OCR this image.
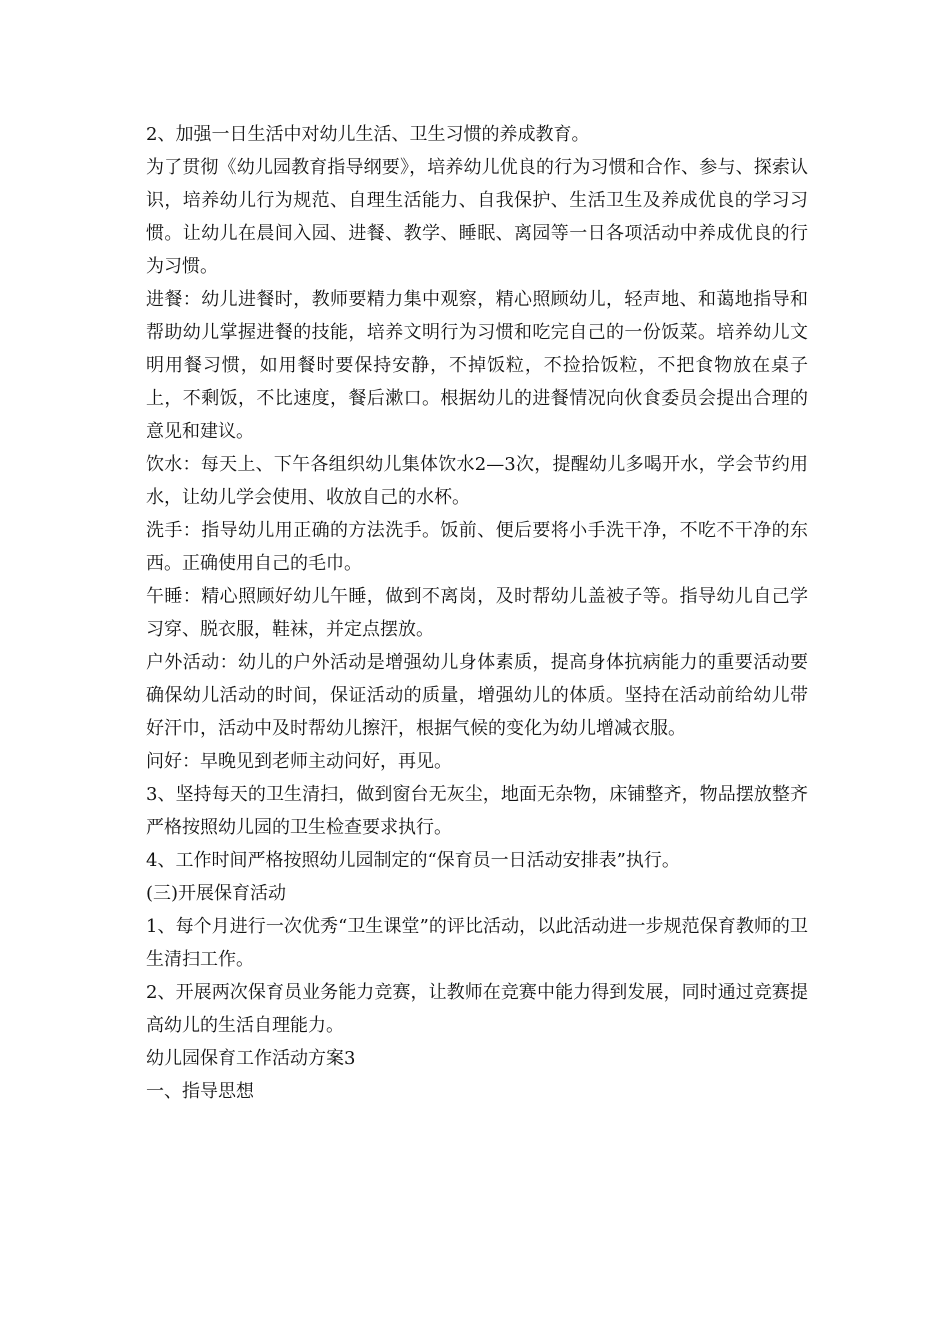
2、加强一日生活中对幼儿生活、卫生习惯的养成教育。

为了贯彻《幼儿园教育指导纲要》，培养幼儿优良的行为习惯和合作、参与、探索认识，培养幼儿行为规范、自理生活能力、自我保护、生活卫生及养成优良的学习习惯。让幼儿在晨间入园、进餐、教学、睡眠、离园等一日各项活动中养成优良的行为习惯。

进餐：幼儿进餐时，教师要精力集中观察，精心照顾幼儿，轻声地、和蔼地指导和帮助幼儿掌握进餐的技能，培养文明行为习惯和吃完自己的一份饭菜。培养幼儿文明用餐习惯，如用餐时要保持安静，不掉饭粒，不捡拾饭粒，不把食物放在桌子上，不剩饭，不比速度，餐后漱口。根据幼儿的进餐情况向伙食委员会提出合理的意见和建议。

饮水：每天上、下午各组织幼儿集体饮水2—3次，提醒幼儿多喝开水，学会节约用水，让幼儿学会使用、收放自己的水杯。

洗手：指导幼儿用正确的方法洗手。饭前、便后要将小手洗干净，不吃不干净的东西。正确使用自己的毛巾。

午睡：精心照顾好幼儿午睡，做到不离岗，及时帮幼儿盖被子等。指导幼儿自己学习穿、脱衣服，鞋袜，并定点摆放。

户外活动：幼儿的户外活动是增强幼儿身体素质，提高身体抗病能力的重要活动要确保幼儿活动的时间，保证活动的质量，增强幼儿的体质。坚持在活动前给幼儿带好汗巾，活动中及时帮幼儿擦汗，根据气候的变化为幼儿增减衣服。

问好：早晚见到老师主动问好，再见。

3、坚持每天的卫生清扫，做到窗台无灰尘，地面无杂物，床铺整齐，物品摆放整齐严格按照幼儿园的卫生检查要求执行。

4、工作时间严格按照幼儿园制定的“保育员一日活动安排表”执行。

(三)开展保育活动

1、每个月进行一次优秀“卫生课堂”的评比活动，以此活动进一步规范保育教师的卫生清扫工作。

2、开展两次保育员业务能力竞赛，让教师在竞赛中能力得到发展，同时通过竞赛提高幼儿的生活自理能力。

幼儿园保育工作活动方案3

一、指导思想
